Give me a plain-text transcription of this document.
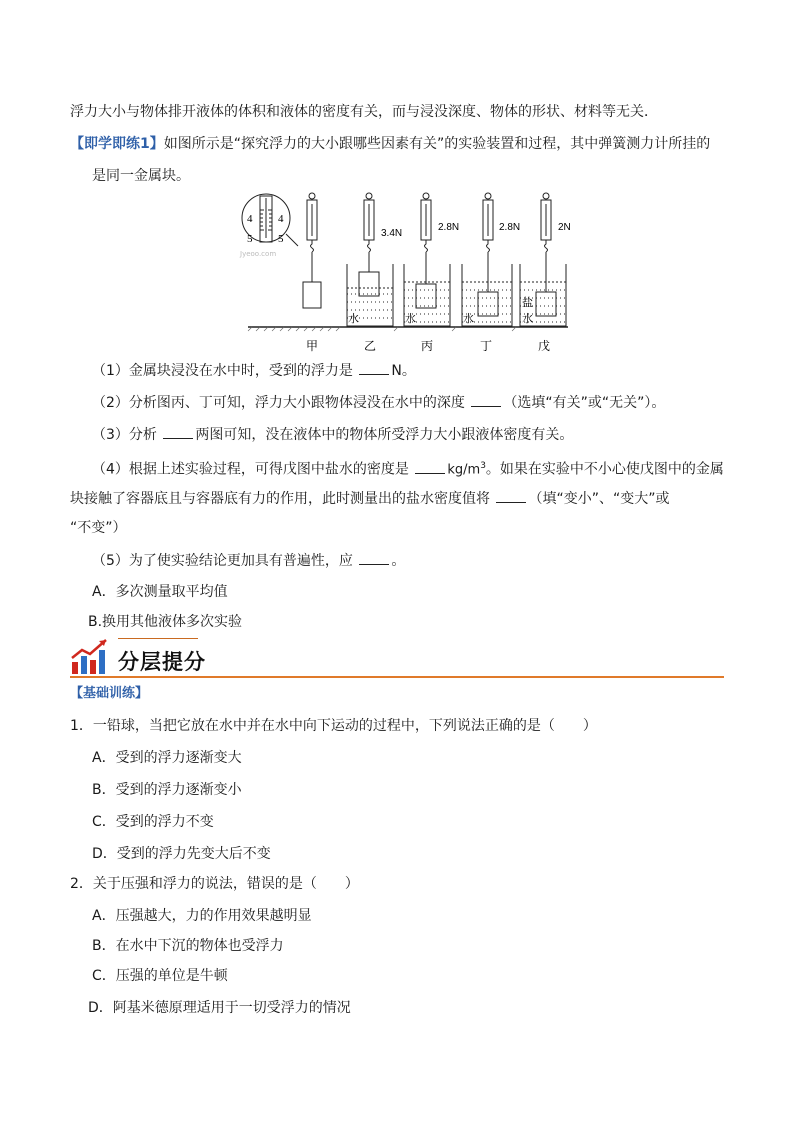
浮力大小与物体排开液体的体积和液体的密度有关，而与浸没深度、物体的形状、材料等无关．
【即学即练1】如图所示是“探究浮力的大小跟哪些因素有关”的实验装置和过程，其中弹簧测力计所挂的
是同一金属块。
4 4
5 5
Jyeoo.com
3.4N
2.8N	2.8N	2N
水	水	水
盐
水
甲	乙	丙	丁	戊
（1）金属块浸没在水中时，受到的浮力是	N。
（2）分析图丙、丁可知，浮力大小跟物体浸没在水中的深度	（选填“有关”或“无关”）。
（3）分析	两图可知，没在液体中的物体所受浮力大小跟液体密度有关。
（4）根据上述实验过程，可得戊图中盐水的密度是	$kg/m^3$。如果在实验中不小心使戊图中的金属
块接触了容器底且与容器底有力的作用，此时测量出的盐水密度值将	（填“变小”、“变大”或
“不变”）
（5）为了使实验结论更加具有普遍性，应	。
A．多次测量取平均值
B.换用其他液体多次实验
分层提分
【基础训练】
1．一铅球，当把它放在水中并在水中向下运动的过程中，下列说法正确的是（　　）
A．受到的浮力逐渐变大
B．受到的浮力逐渐变小
C．受到的浮力不变
D．受到的浮力先变大后不变
2．关于压强和浮力的说法，错误的是（　　）
A．压强越大，力的作用效果越明显
B．在水中下沉的物体也受浮力
C．压强的单位是牛顿
D．阿基米德原理适用于一切受浮力的情况
